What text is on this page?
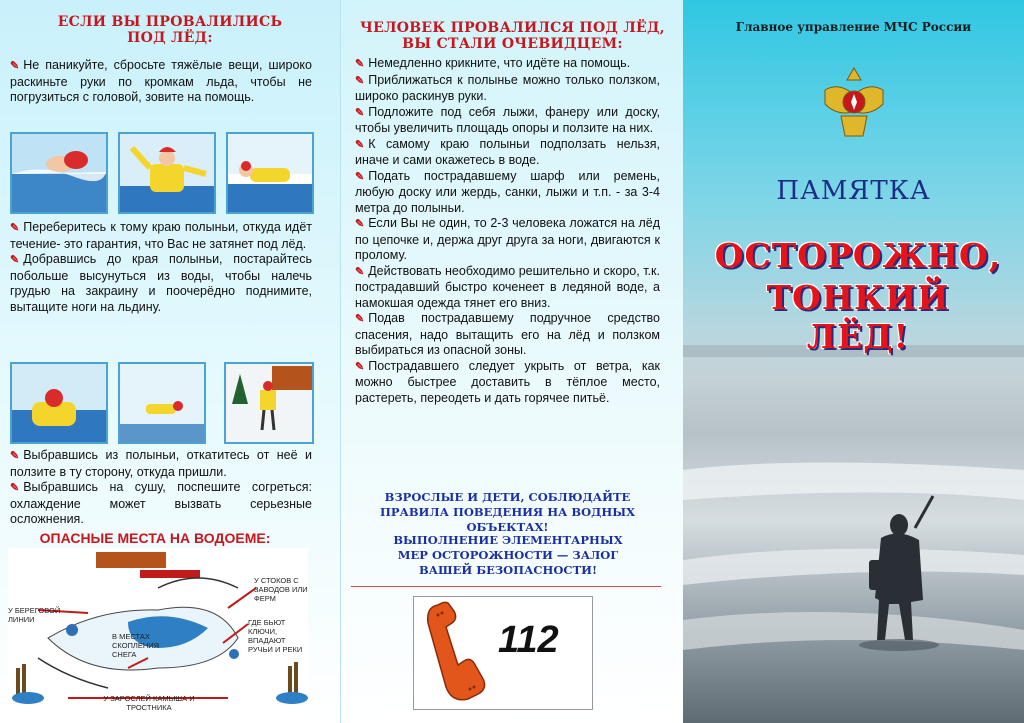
ЕСЛИ ВЫ ПРОВАЛИЛИСЬ
ПОД ЛЁД:

✎ Не паникуйте, сбросьте тяжёлые вещи, широко раскиньте руки по кромкам льда, чтобы не погрузиться с головой, зовите на помощь.

✎ Переберитесь к тому краю полыньи, откуда идёт течение- это гарантия, что Вас не затянет под лёд.

✎ Добравшись до края полыньи, постарайтесь побольше высунуться из воды, чтобы налечь грудью на закраину и поочерёдно поднимите, вытащите ноги на льдину.

✎ Выбравшись из полыньи, откатитесь от неё и ползите в ту сторону, откуда пришли.

✎ Выбравшись на сушу, поспешите согреться: охлаждение может вызвать серьезные осложнения.

ОПАСНЫЕ МЕСТА НА ВОДОЕМЕ:
У СТОКОВ С ЗАВОДОВ ИЛИ ФЕРМ
У БЕРЕГОВОЙ ЛИНИИ
В МЕСТАХ СКОПЛЕНИЯ СНЕГА
ГДЕ БЬЮТ КЛЮЧИ, ВПАДАЮТ РУЧЬИ И РЕКИ
У ЗАРОСЛЕЙ КАМЫША И ТРОСТНИКА
ЧЕЛОВЕК ПРОВАЛИЛСЯ ПОД ЛЁД,
ВЫ СТАЛИ ОЧЕВИДЦЕМ:

✎ Немедленно крикните, что идёте на помощь.

✎ Приближаться к полынье можно только ползком, широко раскинув руки.

✎ Подложите под себя лыжи, фанеру или доску, чтобы увеличить площадь опоры и ползите на них.

✎ К самому краю полыньи подползать нельзя, иначе и сами окажетесь в воде.

✎ Подать пострадавшему шарф или ремень, любую доску или жердь, санки, лыжи и т.п. - за 3-4 метра до полыньи.

✎ Если Вы не один, то 2-3 человека ложатся на лёд по цепочке и, держа друг друга за ноги, двигаются к пролому.

✎ Действовать необходимо решительно и скоро, т.к. пострадавший быстро коченеет в ледяной воде, а намокшая одежда тянет его вниз.

✎ Подав пострадавшему подручное средство спасения, надо вытащить его на лёд и ползком выбираться из опасной зоны.

✎ Пострадавшего следует укрыть от ветра, как можно быстрее доставить в тёплое место, растереть, переодеть и дать горячее питьё.

ВЗРОСЛЫЕ И ДЕТИ, СОБЛЮДАЙТЕ ПРАВИЛА ПОВЕДЕНИЯ НА ВОДНЫХ ОБЪЕКТАХ!
ВЫПОЛНЕНИЕ ЭЛЕМЕНТАРНЫХ МЕР ОСТОРОЖНОСТИ — ЗАЛОГ ВАШЕЙ БЕЗОПАСНОСТИ!
112
Главное управление МЧС России
ПАМЯТКА
ОСТОРОЖНО,
ТОНКИЙ ЛЁД!
